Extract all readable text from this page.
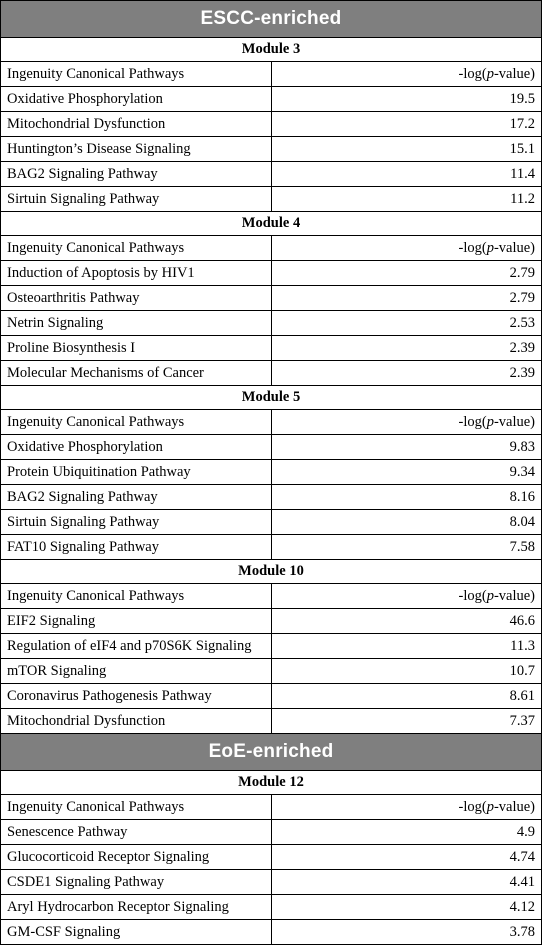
ESCC-enriched	
Module 3	
Ingenuity Canonical Pathways	-log(p-value)
Oxidative Phosphorylation	19.5
Mitochondrial Dysfunction	17.2
Huntington’s Disease Signaling	15.1
BAG2 Signaling Pathway	11.4
Sirtuin Signaling Pathway	11.2
Module 4	
Ingenuity Canonical Pathways	-log(p-value)
Induction of Apoptosis by HIV1	2.79
Osteoarthritis Pathway	2.79
Netrin Signaling	2.53
Proline Biosynthesis I	2.39
Molecular Mechanisms of Cancer	2.39
Module 5	
Ingenuity Canonical Pathways	-log(p-value)
Oxidative Phosphorylation	9.83
Protein Ubiquitination Pathway	9.34
BAG2 Signaling Pathway	8.16
Sirtuin Signaling Pathway	8.04
FAT10 Signaling Pathway	7.58
Module 10	
Ingenuity Canonical Pathways	-log(p-value)
EIF2 Signaling	46.6
Regulation of eIF4 and p70S6K Signaling	11.3
mTOR Signaling	10.7
Coronavirus Pathogenesis Pathway	8.61
Mitochondrial Dysfunction	7.37
EoE-enriched	
Module 12	
Ingenuity Canonical Pathways	-log(p-value)
Senescence Pathway	4.9
Glucocorticoid Receptor Signaling	4.74
CSDE1 Signaling Pathway	4.41
Aryl Hydrocarbon Receptor Signaling	4.12
GM-CSF Signaling	3.78
